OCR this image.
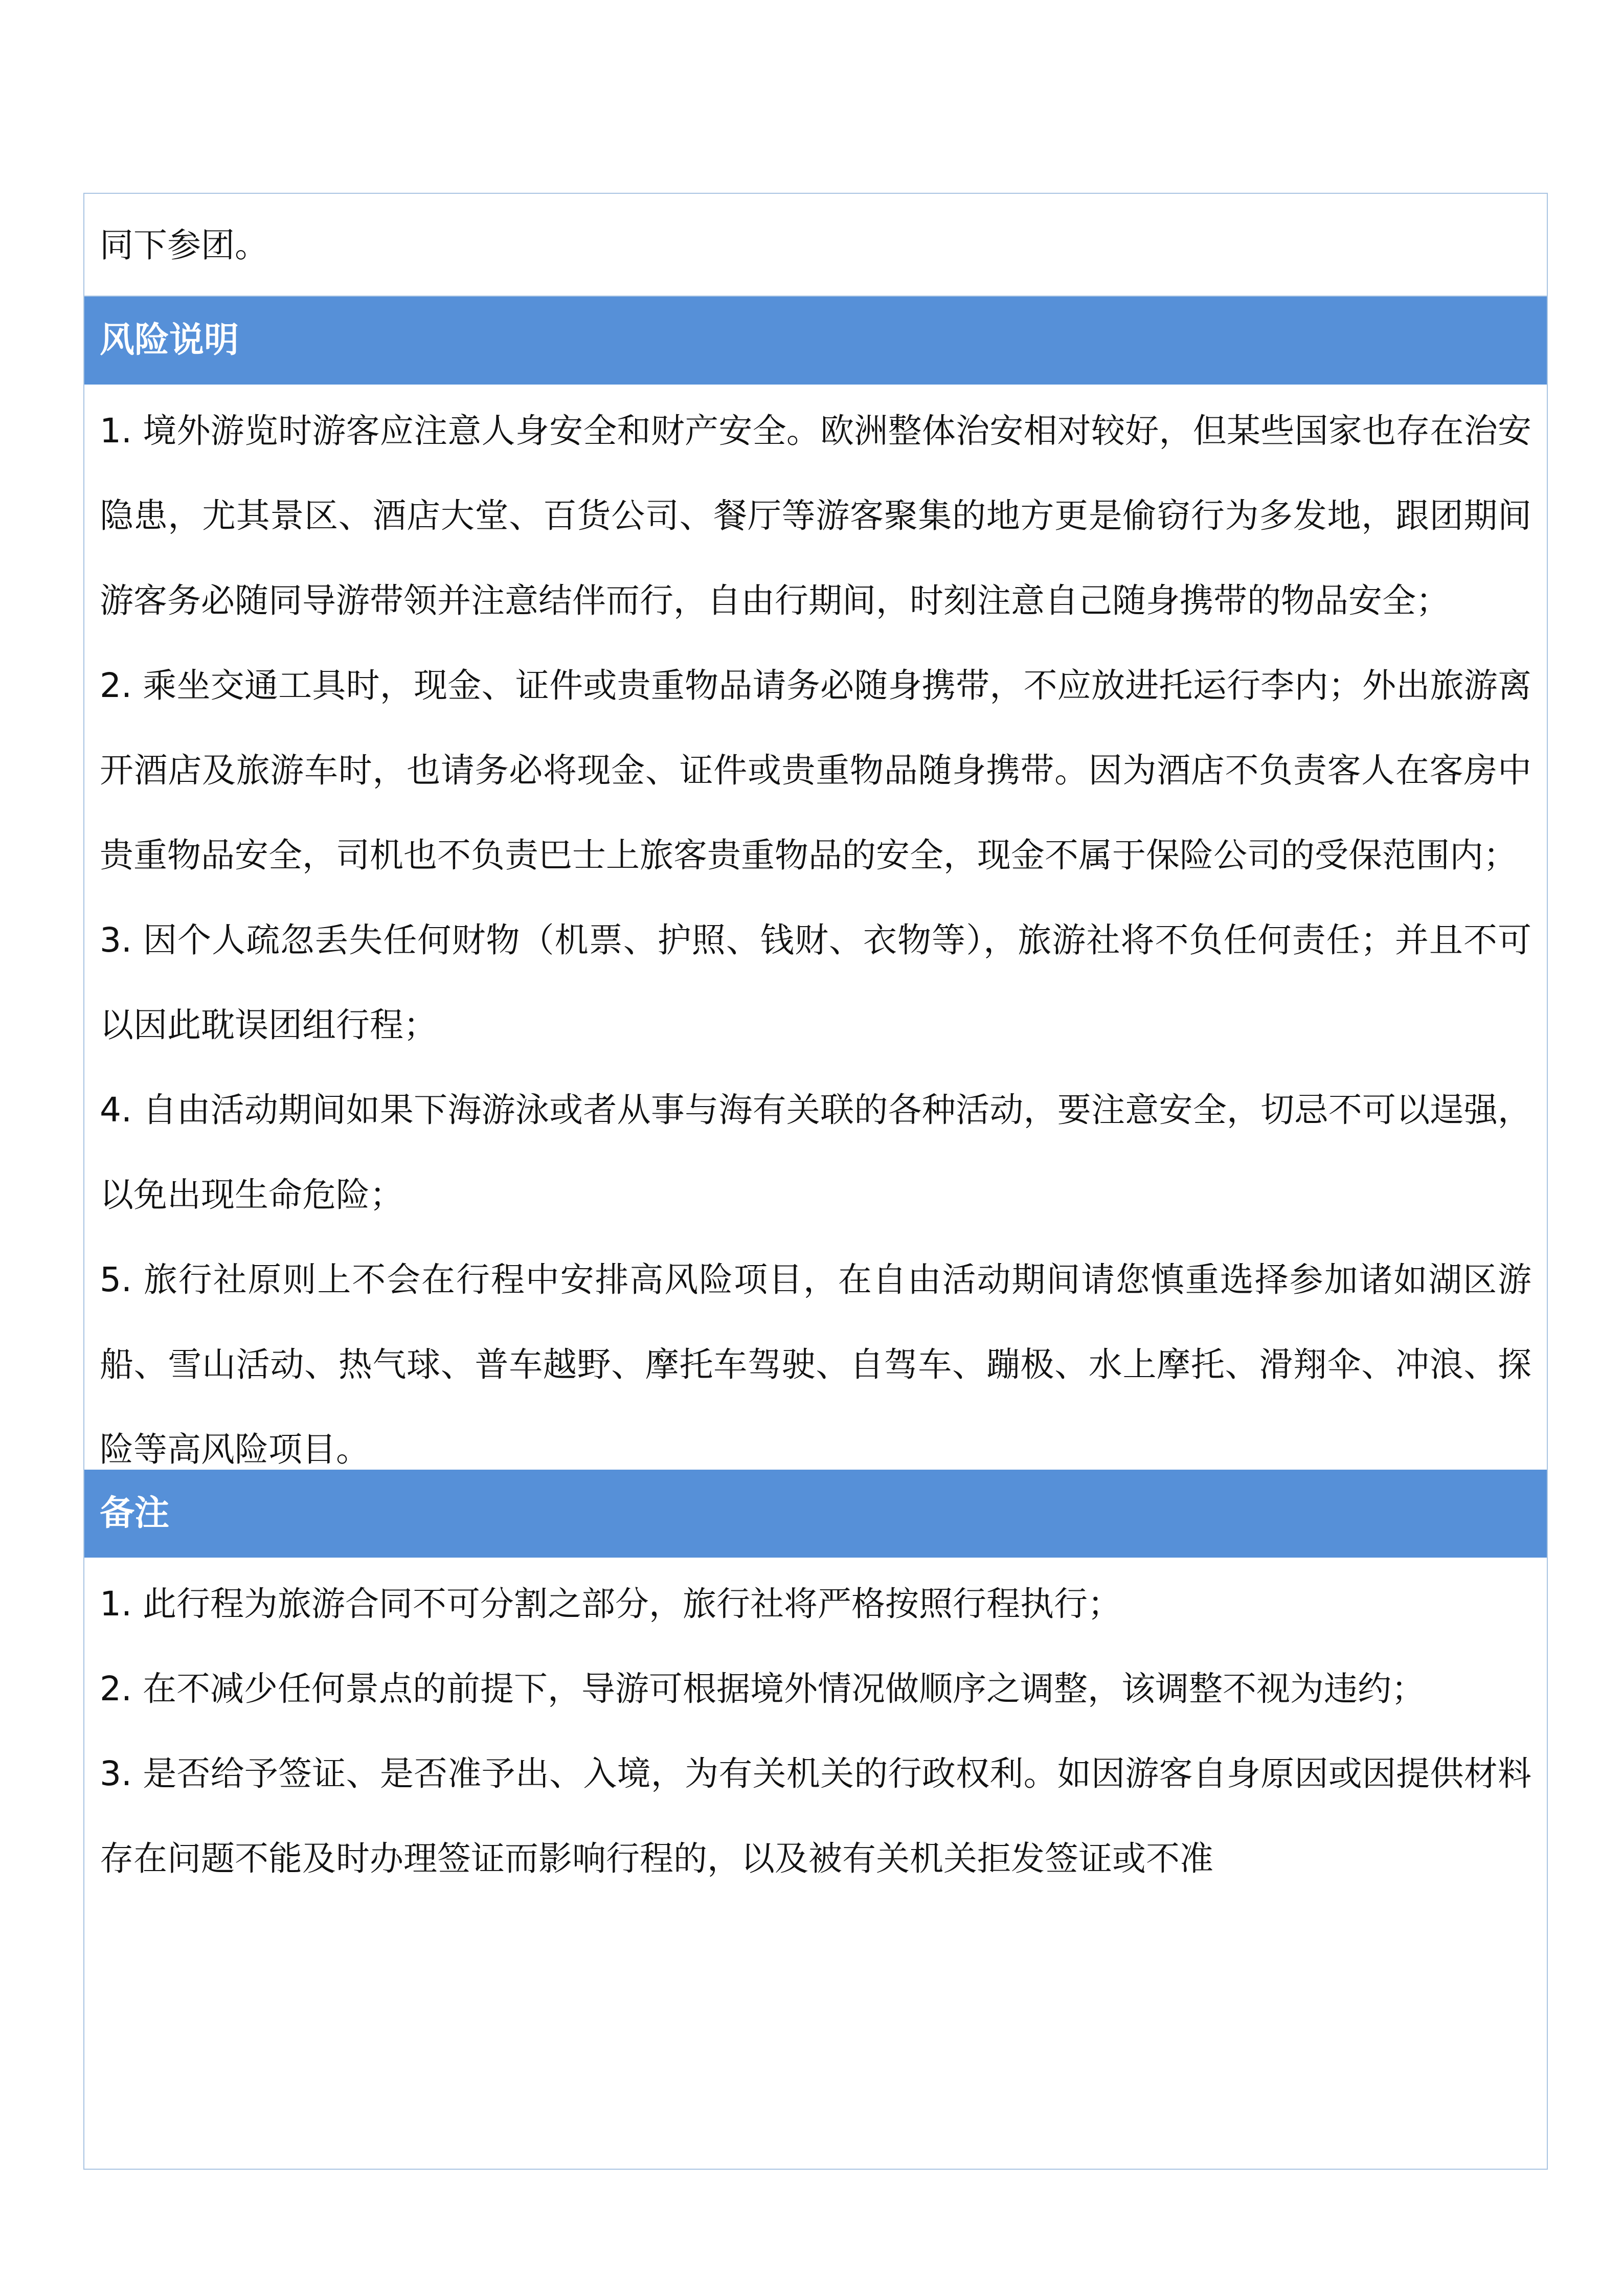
同下参团。
风险说明
1. 境外游览时游客应注意人身安全和财产安全。欧洲整体治安相对较好，但某些国家也存在治安隐患，尤其景区、酒店大堂、百货公司、餐厅等游客聚集的地方更是偷窃行为多发地，跟团期间游客务必随同导游带领并注意结伴而行，自由行期间，时刻注意自己随身携带的物品安全；
2. 乘坐交通工具时，现金、证件或贵重物品请务必随身携带，不应放进托运行李内；外出旅游离开酒店及旅游车时，也请务必将现金、证件或贵重物品随身携带。因为酒店不负责客人在客房中贵重物品安全，司机也不负责巴士上旅客贵重物品的安全，现金不属于保险公司的受保范围内；
3. 因个人疏忽丢失任何财物（机票、护照、钱财、衣物等），旅游社将不负任何责任；并且不可以因此耽误团组行程；
4. 自由活动期间如果下海游泳或者从事与海有关联的各种活动，要注意安全，切忌不可以逞强，以免出现生命危险；
5. 旅行社原则上不会在行程中安排高风险项目，在自由活动期间请您慎重选择参加诸如湖区游船、雪山活动、热气球、普车越野、摩托车驾驶、自驾车、蹦极、水上摩托、滑翔伞、冲浪、探险等高风险项目。
备注
1. 此行程为旅游合同不可分割之部分，旅行社将严格按照行程执行；
2. 在不减少任何景点的前提下，导游可根据境外情况做顺序之调整，该调整不视为违约；
3. 是否给予签证、是否准予出、入境，为有关机关的行政权利。如因游客自身原因或因提供材料存在问题不能及时办理签证而影响行程的，以及被有关机关拒发签证或不准
